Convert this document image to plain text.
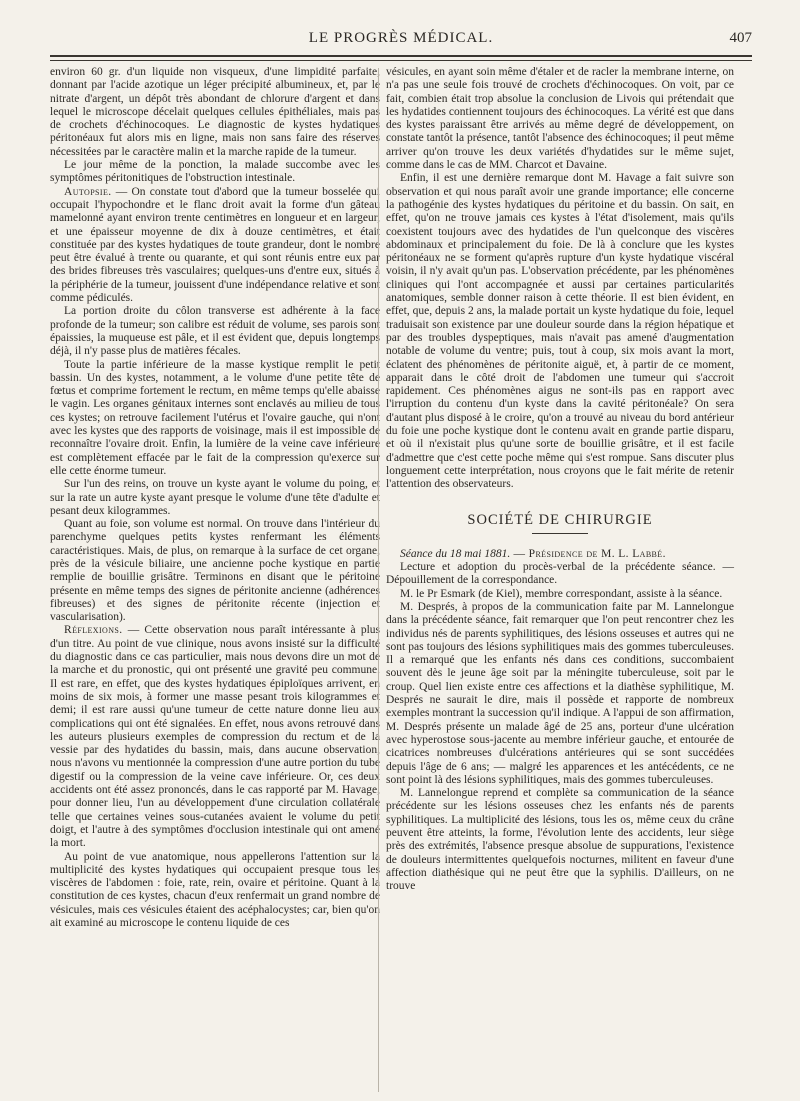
LE PROGRÈS MÉDICAL.	407

environ 60 gr. d'un liquide non visqueux, d'une limpidité parfaite, donnant par l'acide azotique un léger précipité albumineux, et, par le nitrate d'argent, un dépôt très abondant de chlorure d'argent et dans lequel le microscope décelait quelques cellules épithéliales, mais pas de crochets d'échinocoques. Le diagnostic de kystes hydatiques péritonéaux fut alors mis en ligne, mais non sans faire des réserves nécessitées par le caractère malin et la marche rapide de la tumeur.

Le jour même de la ponction, la malade succombe avec les symptômes péritonitiques de l'obstruction intestinale.

Autopsie. — On constate tout d'abord que la tumeur bosselée qui occupait l'hypochondre et le flanc droit avait la forme d'un gâteau mamelonné ayant environ trente centimètres en longueur et en largeur, et une épaisseur moyenne de dix à douze centimètres, et était constituée par des kystes hydatiques de toute grandeur, dont le nombre peut être évalué à trente ou quarante, et qui sont réunis entre eux par des brides fibreuses très vasculaires; quelques-uns d'entre eux, situés à la périphérie de la tumeur, jouissent d'une indépendance relative et sont comme pédiculés.

La portion droite du côlon transverse est adhérente à la face profonde de la tumeur; son calibre est réduit de volume, ses parois sont épaissies, la muqueuse est pâle, et il est évident que, depuis longtemps déjà, il n'y passe plus de matières fécales.

Toute la partie inférieure de la masse kystique remplit le petit bassin. Un des kystes, notamment, a le volume d'une petite tête de fœtus et comprime fortement le rectum, en même temps qu'elle abaisse le vagin. Les organes génitaux internes sont enclavés au milieu de tous ces kystes; on retrouve facilement l'utérus et l'ovaire gauche, qui n'ont avec les kystes que des rapports de voisinage, mais il est impossible de reconnaître l'ovaire droit. Enfin, la lumière de la veine cave inférieure est complètement effacée par le fait de la compression qu'exerce sur elle cette énorme tumeur.

Sur l'un des reins, on trouve un kyste ayant le volume du poing, et sur la rate un autre kyste ayant presque le volume d'une tête d'adulte et pesant deux kilogrammes.

Quant au foie, son volume est normal. On trouve dans l'intérieur du parenchyme quelques petits kystes renfermant les éléments caractéristiques. Mais, de plus, on remarque à la surface de cet organe, près de la vésicule biliaire, une ancienne poche kystique en partie remplie de bouillie grisâtre. Terminons en disant que le péritoine présente en même temps des signes de péritonite ancienne (adhérences fibreuses) et des signes de péritonite récente (injection et vascularisation).

Réflexions. — Cette observation nous paraît intéressante à plus d'un titre. Au point de vue clinique, nous avons insisté sur la difficulté du diagnostic dans ce cas particulier, mais nous devons dire un mot de la marche et du pronostic, qui ont présenté une gravité peu commune. Il est rare, en effet, que des kystes hydatiques épiploïques arrivent, en moins de six mois, à former une masse pesant trois kilogrammes et demi; il est rare aussi qu'une tumeur de cette nature donne lieu aux complications qui ont été signalées. En effet, nous avons retrouvé dans les auteurs plusieurs exemples de compression du rectum et de la vessie par des hydatides du bassin, mais, dans aucune observation, nous n'avons vu mentionnée la compression d'une autre portion du tube digestif ou la compression de la veine cave inférieure. Or, ces deux accidents ont été assez prononcés, dans le cas rapporté par M. Havage, pour donner lieu, l'un au développement d'une circulation collatérale telle que certaines veines sous-cutanées avaient le volume du petit doigt, et l'autre à des symptômes d'occlusion intestinale qui ont amené la mort.

Au point de vue anatomique, nous appellerons l'attention sur la multiplicité des kystes hydatiques qui occupaient presque tous les viscères de l'abdomen : foie, rate, rein, ovaire et péritoine. Quant à la constitution de ces kystes, chacun d'eux renfermait un grand nombre de vésicules, mais ces vésicules étaient des acéphalocystes; car, bien qu'on ait examiné au microscope le contenu liquide de ces

vésicules, en ayant soin même d'étaler et de racler la membrane interne, on n'a pas une seule fois trouvé de crochets d'échinocoques. On voit, par ce fait, combien était trop absolue la conclusion de Livois qui prétendait que les hydatides contiennent toujours des échinocoques. La vérité est que dans des kystes paraissant être arrivés au même degré de développement, on constate tantôt la présence, tantôt l'absence des échinocoques; il peut même arriver qu'on trouve les deux variétés d'hydatides sur le même sujet, comme dans le cas de MM. Charcot et Davaine.

Enfin, il est une dernière remarque dont M. Havage a fait suivre son observation et qui nous paraît avoir une grande importance; elle concerne la pathogénie des kystes hydatiques du péritoine et du bassin. On sait, en effet, qu'on ne trouve jamais ces kystes à l'état d'isolement, mais qu'ils coexistent toujours avec des hydatides de l'un quelconque des viscères abdominaux et principalement du foie. De là à conclure que les kystes péritonéaux ne se forment qu'après rupture d'un kyste hydatique viscéral voisin, il n'y avait qu'un pas. L'observation précédente, par les phénomènes cliniques qui l'ont accompagnée et aussi par certaines particularités anatomiques, semble donner raison à cette théorie. Il est bien évident, en effet, que, depuis 2 ans, la malade portait un kyste hydatique du foie, lequel traduisait son existence par une douleur sourde dans la région hépatique et par des troubles dyspeptiques, mais n'avait pas amené d'augmentation notable de volume du ventre; puis, tout à coup, six mois avant la mort, éclatent des phénomènes de péritonite aiguë, et, à partir de ce moment, apparait dans le côté droit de l'abdomen une tumeur qui s'accroit rapidement. Ces phénomènes aigus ne sont-ils pas en rapport avec l'irruption du contenu d'un kyste dans la cavité péritonéale? On sera d'autant plus disposé à le croire, qu'on a trouvé au niveau du bord antérieur du foie une poche kystique dont le contenu avait en grande partie disparu, et où il n'existait plus qu'une sorte de bouillie grisâtre, et il est facile d'admettre que c'est cette poche même qui s'est rompue. Sans discuter plus longuement cette interprétation, nous croyons que le fait mérite de retenir l'attention des observateurs.

SOCIÉTÉ DE CHIRURGIE

Séance du 18 mai 1881. — Présidence de M. L. Labbé.

Lecture et adoption du procès-verbal de la précédente séance. — Dépouillement de la correspondance.

M. le Pr Esmark (de Kiel), membre correspondant, assiste à la séance.

M. Després, à propos de la communication faite par M. Lannelongue dans la précédente séance, fait remarquer que l'on peut rencontrer chez les individus nés de parents syphilitiques, des lésions osseuses et autres qui ne sont pas toujours des lésions syphilitiques mais des gommes tuberculeuses. Il a remarqué que les enfants nés dans ces conditions, succombaient souvent dès le jeune âge soit par la méningite tuberculeuse, soit par le croup. Quel lien existe entre ces affections et la diathèse syphilitique, M. Després ne saurait le dire, mais il possède et rapporte de nombreux exemples montrant la succession qu'il indique. A l'appui de son affirmation, M. Després présente un malade âgé de 25 ans, porteur d'une ulcération avec hyperostose sous-jacente au membre inférieur gauche, et entourée de cicatrices nombreuses d'ulcérations antérieures qui se sont succédées depuis l'âge de 6 ans; — malgré les apparences et les antécédents, ce ne sont point là des lésions syphilitiques, mais des gommes tuberculeuses.

M. Lannelongue reprend et complète sa communication de la séance précédente sur les lésions osseuses chez les enfants nés de parents syphilitiques. La multiplicité des lésions, tous les os, même ceux du crâne peuvent être atteints, la forme, l'évolution lente des accidents, leur siège près des extrémités, l'absence presque absolue de suppurations, l'existence de douleurs intermittentes quelquefois nocturnes, militent en faveur d'une affection diathésique qui ne peut être que la syphilis. D'ailleurs, on ne trouve
